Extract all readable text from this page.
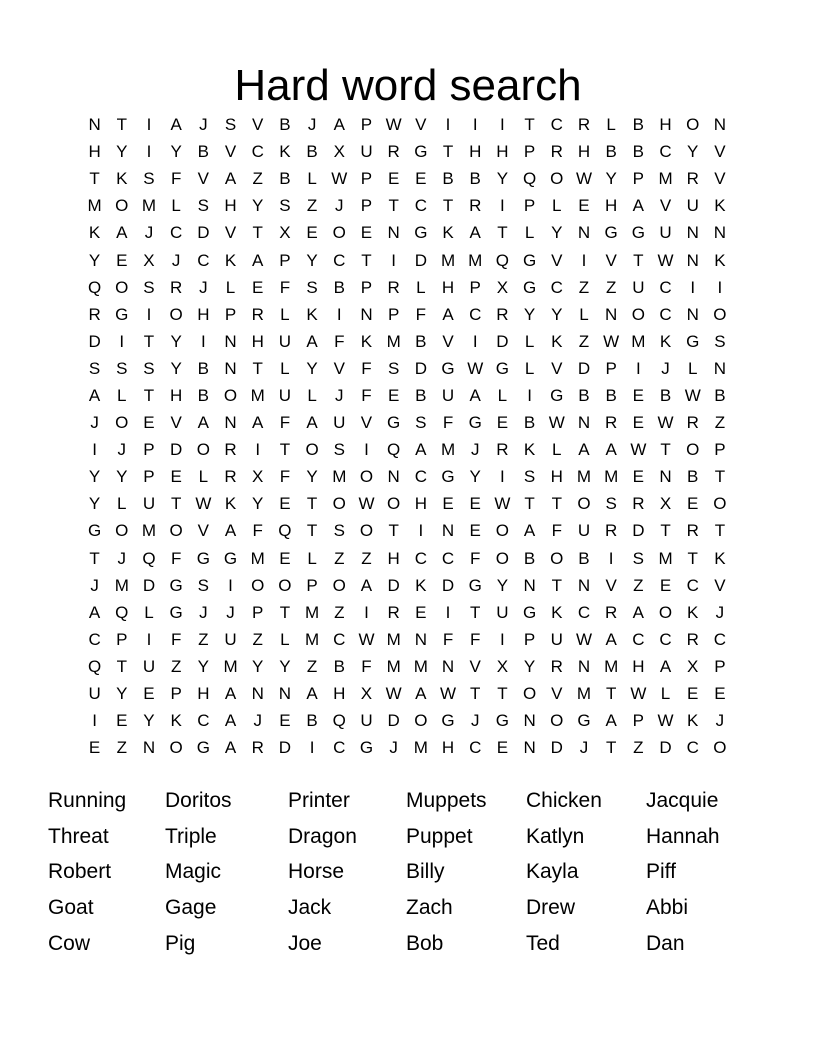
Hard word search
N T	I	A	J	S V B	J	A P W V	I	I	I	T C R L B H O N
H Y	I	Y B V C K B X U R G T H H P R H B B C Y V
T K S F V A Z B L W P E E B B Y Q O W Y P M R V
M O M L S H Y S Z	J	P T C T R	I	P L E H A V U K
K A	J C D V T X E O E N G K A T	L Y N G G U N N
Y E X	J C K A P Y C T	I	D M M Q G V	I	V T W N K
Q O S R J	L E F S B P R L H P X G C Z Z U C	I	I
R G	I	O H P R L K	I	N P F A C R Y Y L N O C N O
D	I	T Y	I	N H U A F K M B V	I	D L K Z W M K G S
S S S Y B N T	L Y V F S D G W G L V D P	I	J	L N
A L	T H B O M U L	J	F E B U A L	I	G B B E B W B
J O E V A N A F A U V G S F G E B W N R E W R Z
I	J	P D O R	I	T O S	I	Q A M J R K L A A W T O P
Y Y P E L R X F Y M O N C G Y	I	S H M M E N B T
Y L U T W K Y E T O W O H E E W T T O S R X E O
G O M O V A F Q T S O T	I	N E O A F U R D T R T
T	J Q F G G M E L	Z Z H C C F O B O B	I	S M T K
J M D G S	I	O O P O A D K D G Y N T N V Z E C V
A Q L G J	J	P T M Z	I	R E	I	T U G K C R A O K	J
C P	I	F Z U Z	L M C W M N F F	I	P U W A C C R C
Q T U Z Y M Y Y Z B F M M N V X Y R N M H A X P
U Y E P H A N N A H X W A W T T O V M T W L E E
I	E Y K C A	J	E B Q U D O G J G N O G A P W K	J
E Z N O G A R D	I	C G J M H C E N D J	T Z D C O
Running	Doritos	Printer	Muppets	Chicken	Jacquie
Threat	Triple	Dragon	Puppet	Katlyn	Hannah
Robert	Magic	Horse	Billy	Kayla	Piff
Goat	Gage	Jack	Zach	Drew	Abbi
Cow	Pig	Joe	Bob	Ted	Dan
